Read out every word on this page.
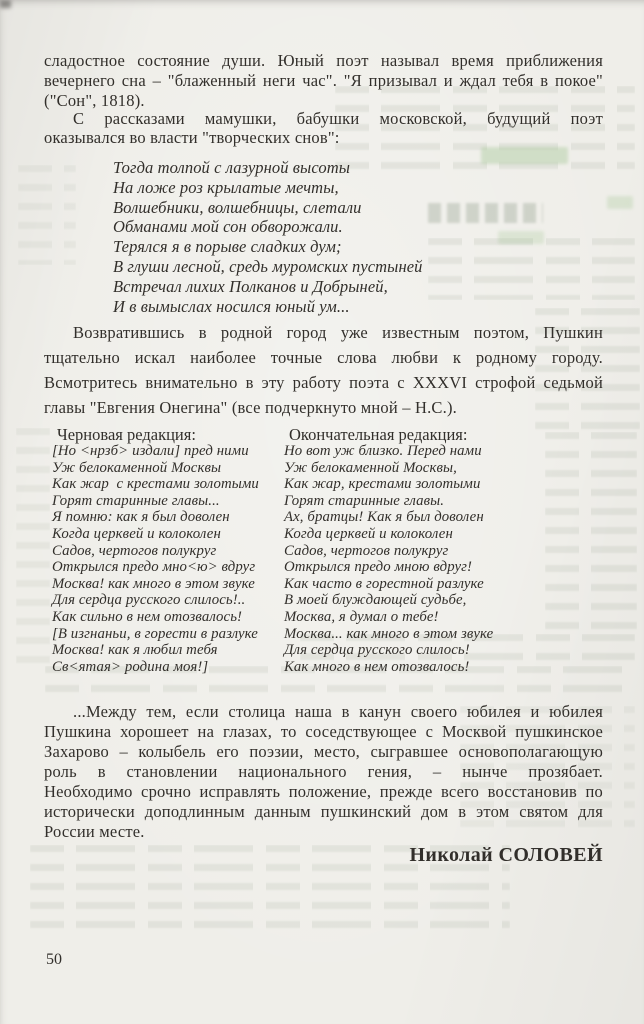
сладостное состояние души. Юный поэт называл время приближения
вечернего сна – "блаженный неги час". "Я призывал и ждал тебя в покое"
("Сон", 1818).
С рассказами мамушки, бабушки московской, будущий поэт
оказывался во власти "творческих снов":
Тогда толпой с лазурной высоты
На ложе роз крылатые мечты,
Волшебники, волшебницы, слетали
Обманами мой сон обворожали.
Терялся я в порыве сладких дум;
В глуши лесной, средь муромских пустыней
Встречал лихих Полканов и Добрыней,
И в вымыслах носился юный ум...
Возвратившись в родной город уже известным поэтом, Пушкин
тщательно искал наиболее точные слова любви к родному городу.
Всмотритесь внимательно в эту работу поэта с XXXVI строфой седьмой
главы "Евгения Онегина" (все подчеркнуто мной – Н.С.).
Черновая редакция:
[Но <нрзб> издали] пред ними
Уж белокаменной Москвы
Как жар  с крестами золотыми
Горят старинные главы...
Я помню: как я был доволен
Когда церквей и колоколен
Садов, чертогов полукруг
Открылся предо мно<ю> вдруг
Москва! как много в этом звуке
Для сердца русского слилось!..
Как сильно в нем отозвалось!
[В изгнаньи, в горести в разлуке
Москва! как я любил тебя
Св<ятая> родина моя!]
Окончательная редакция:
Но вот уж близко. Перед нами
Уж белокаменной Москвы,
Как жар, крестами золотыми
Горят старинные главы.
Ах, братцы! Как я был доволен
Когда церквей и колоколен
Садов, чертогов полукруг
Открылся предо мною вдруг!
Как часто в горестной разлуке
В моей блуждающей судьбе,
Москва, я думал о тебе!
Москва... как много в этом звуке
Для сердца русского слилось!
Как много в нем отозвалось!
...Между тем, если столица наша в канун своего юбилея и юбилея
Пушкина хорошеет на глазах, то соседствующее с Москвой пушкинское
Захарово – колыбель его поэзии, место, сыгравшее основополагающую
роль в становлении национального гения, – нынче прозябает.
Необходимо срочно исправлять положение, прежде всего восстановив по
исторически доподлинным данным пушкинский дом в этом святом для
России месте.
Николай СОЛОВЕЙ
50
